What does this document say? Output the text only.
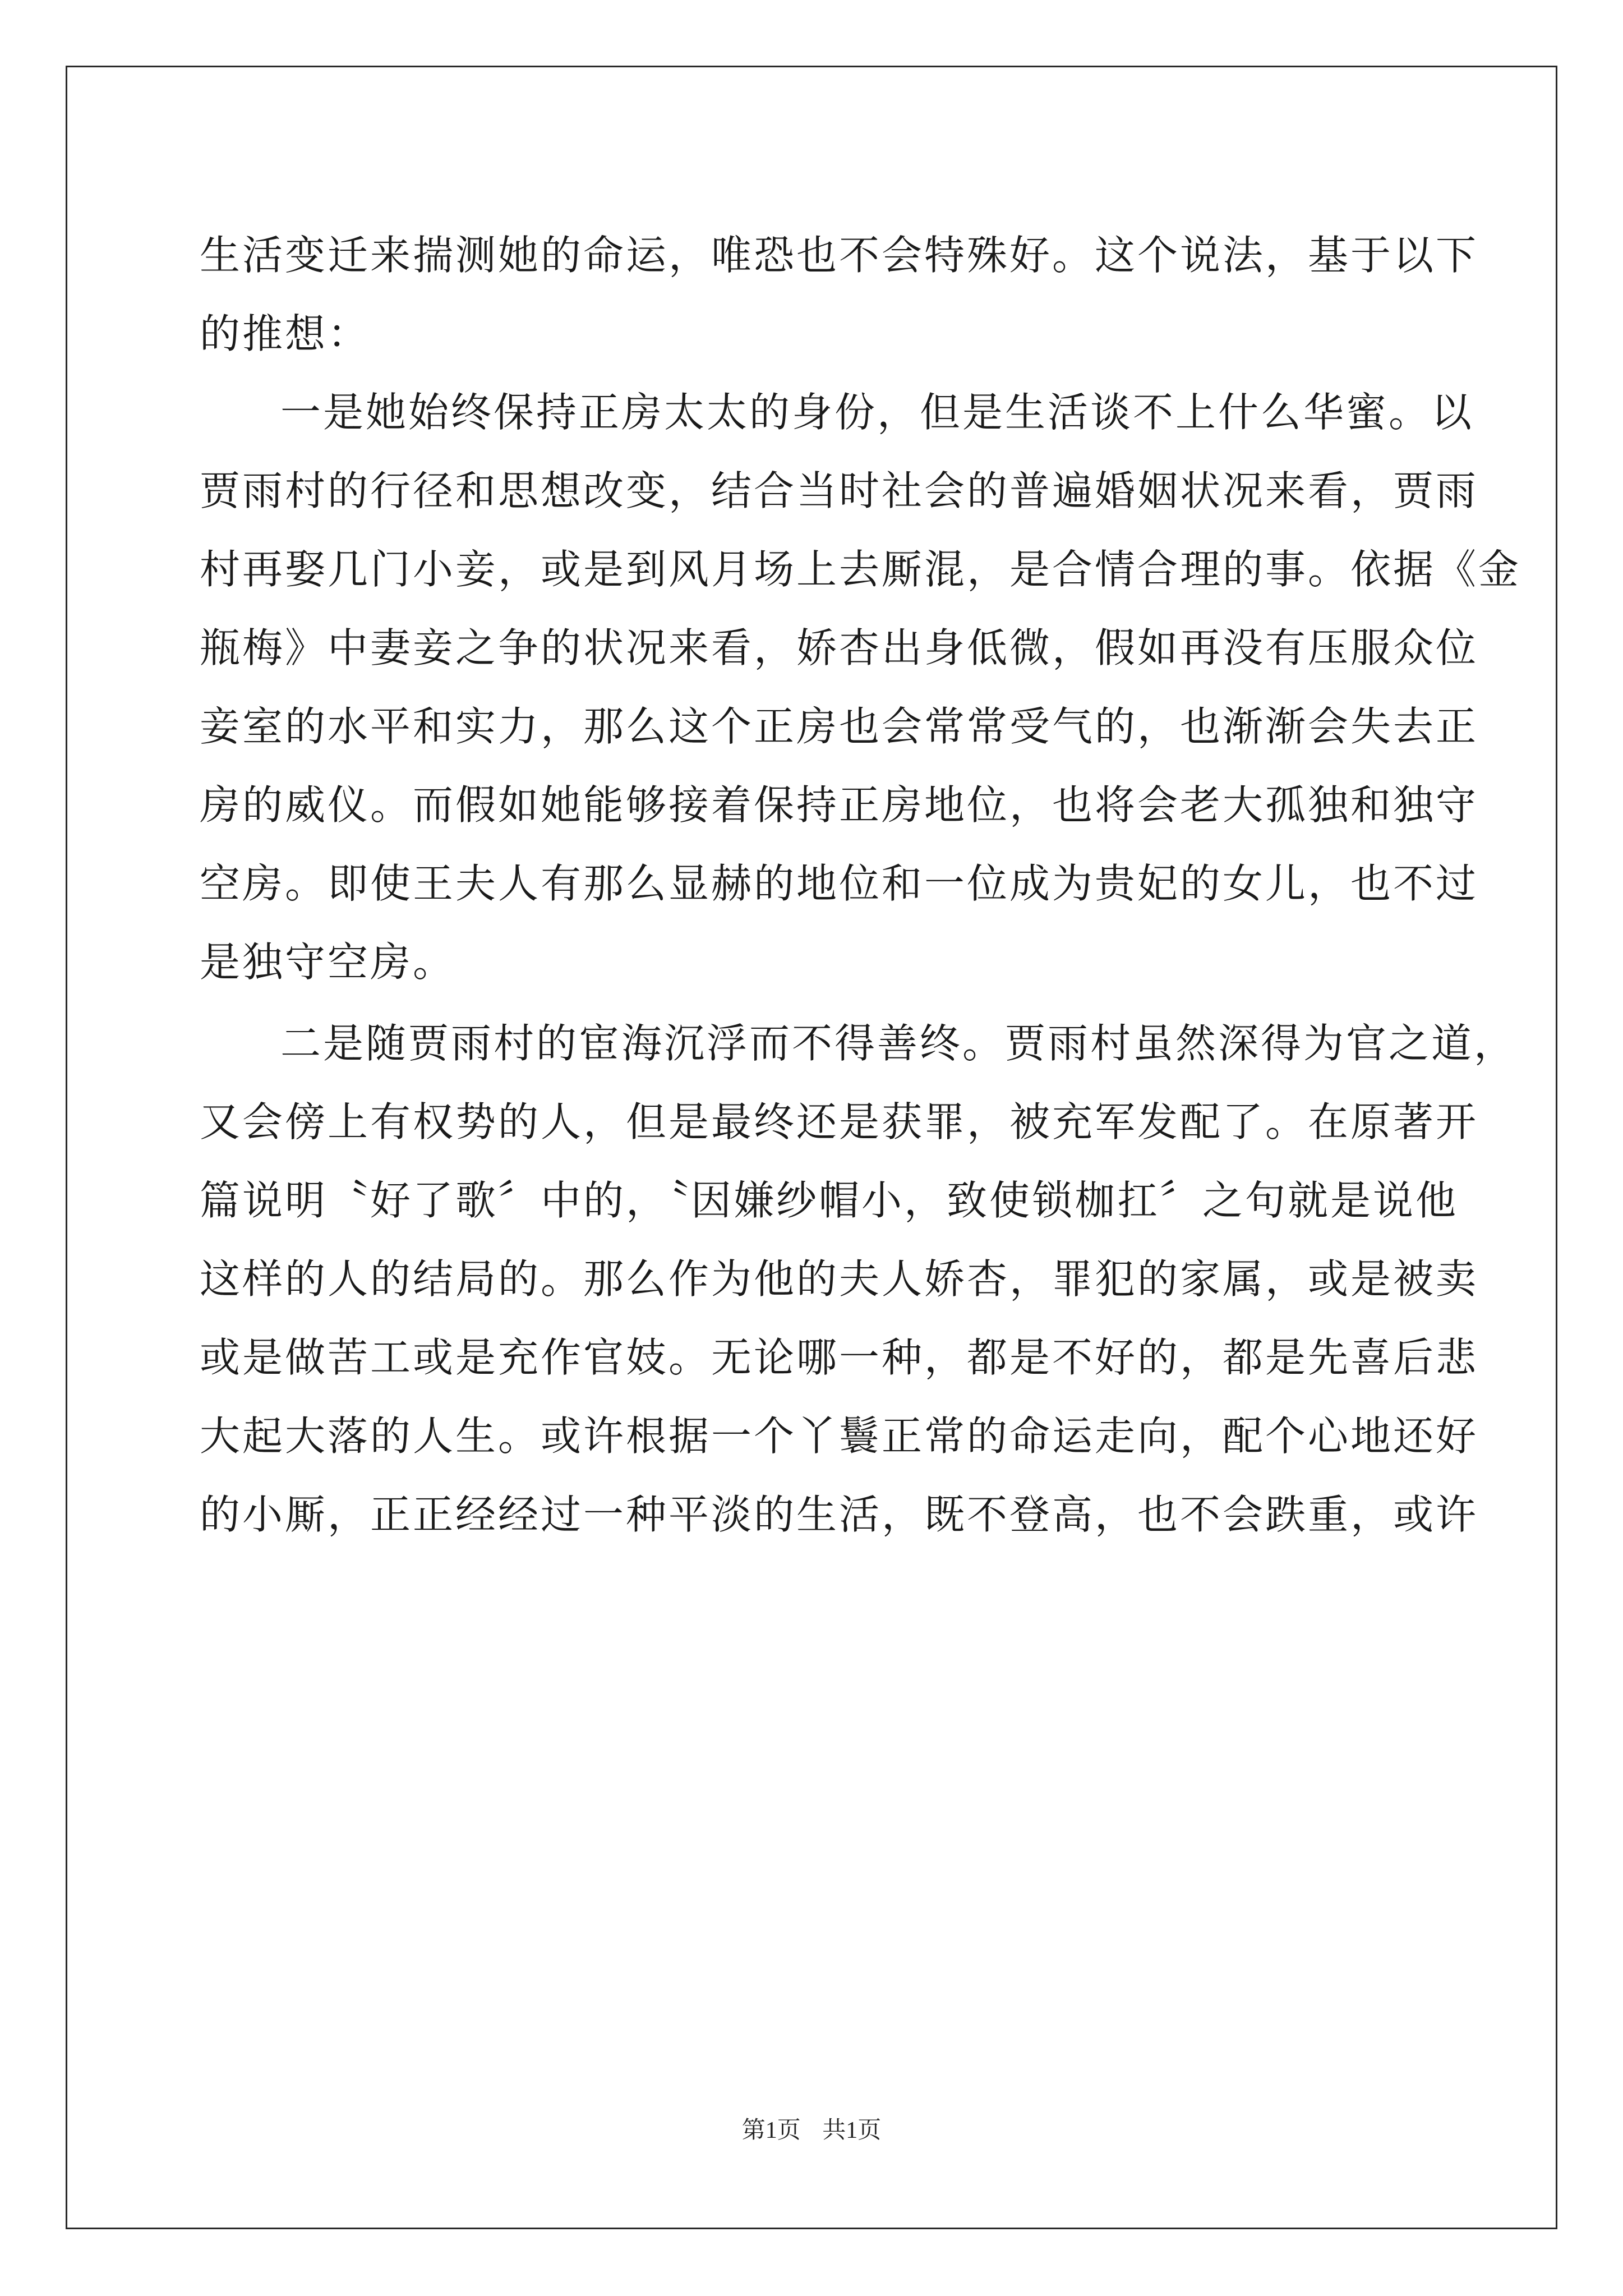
生活变迁来揣测她的命运，唯恐也不会特殊好。这个说法，基于以下
的推想：
一是她始终保持正房太太的身份，但是生活谈不上什么华蜜。以
贾雨村的行径和思想改变，结合当时社会的普遍婚姻状况来看，贾雨
村再娶几门小妾，或是到风月场上去厮混，是合情合理的事。依据《金
瓶梅》中妻妾之争的状况来看，娇杏出身低微，假如再没有压服众位
妾室的水平和实力，那么这个正房也会常常受气的，也渐渐会失去正
房的威仪。而假如她能够接着保持正房地位，也将会老大孤独和独守
空房。即使王夫人有那么显赫的地位和一位成为贵妃的女儿，也不过
是独守空房。
二是随贾雨村的宦海沉浮而不得善终。贾雨村虽然深得为官之道，
又会傍上有权势的人，但是最终还是获罪，被充军发配了。在原著开
篇说明〝好了歌〞中的，〝因嫌纱帽小，致使锁枷扛〞之句就是说他
这样的人的结局的。那么作为他的夫人娇杏，罪犯的家属，或是被卖
或是做苦工或是充作官妓。无论哪一种，都是不好的，都是先喜后悲
大起大落的人生。或许根据一个丫鬟正常的命运走向，配个心地还好
的小厮，正正经经过一种平淡的生活，既不登高，也不会跌重，或许
第1页 共1页
